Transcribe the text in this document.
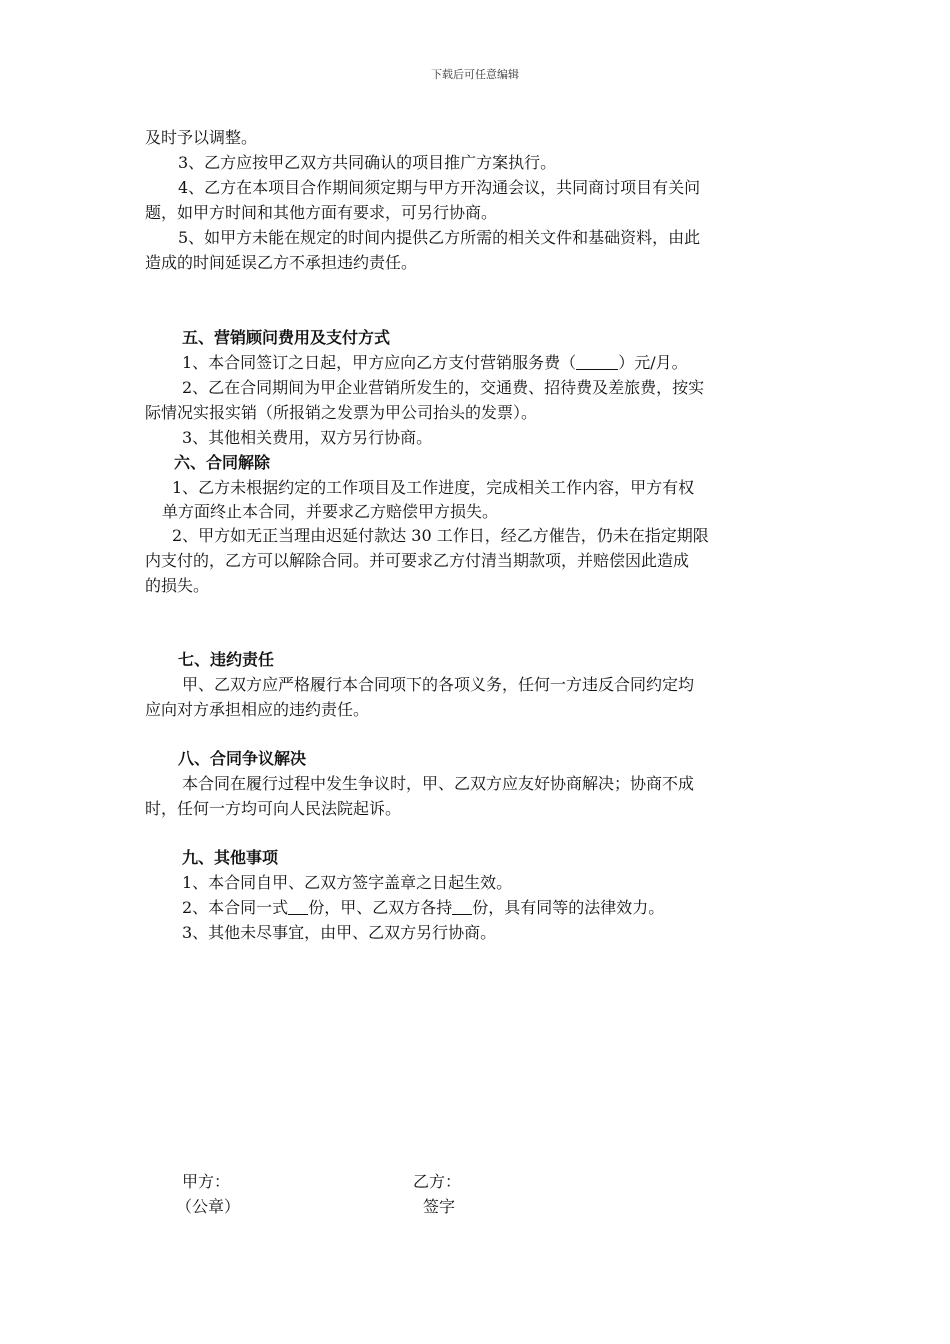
下载后可任意编辑
及时予以调整。
3、乙方应按甲乙双方共同确认的项目推广方案执行。
4、乙方在本项目合作期间须定期与甲方开沟通会议，共同商讨项目有关问
题，如甲方时间和其他方面有要求，可另行协商。
5、如甲方未能在规定的时间内提供乙方所需的相关文件和基础资料，由此
造成的时间延误乙方不承担违约责任。
五、营销顾问费用及支付方式
1、本合同签订之日起，甲方应向乙方支付营销服务费（	）元/月。
2、乙在合同期间为甲企业营销所发生的，交通费、招待费及差旅费，按实
际情况实报实销（所报销之发票为甲公司抬头的发票）。
3、其他相关费用，双方另行协商。
六、合同解除
1、乙方未根据约定的工作项目及工作进度，完成相关工作内容，甲方有权
单方面终止本合同，并要求乙方赔偿甲方损失。
2、甲方如无正当理由迟延付款达 30 工作日，经乙方催告，仍未在指定期限
内支付的，乙方可以解除合同。并可要求乙方付清当期款项，并赔偿因此造成
的损失。
七、违约责任
甲、乙双方应严格履行本合同项下的各项义务，任何一方违反合同约定均
应向对方承担相应的违约责任。
八、合同争议解决
本合同在履行过程中发生争议时，甲、乙双方应友好协商解决；协商不成
时，任何一方均可向人民法院起诉。
九、其他事项
1、本合同自甲、乙双方签字盖章之日起生效。
2、本合同一式 份，甲、乙双方各持 份，具有同等的法律效力。
3、其他未尽事宜，由甲、乙双方另行协商。
甲方：
（公章）
乙方：
签字
